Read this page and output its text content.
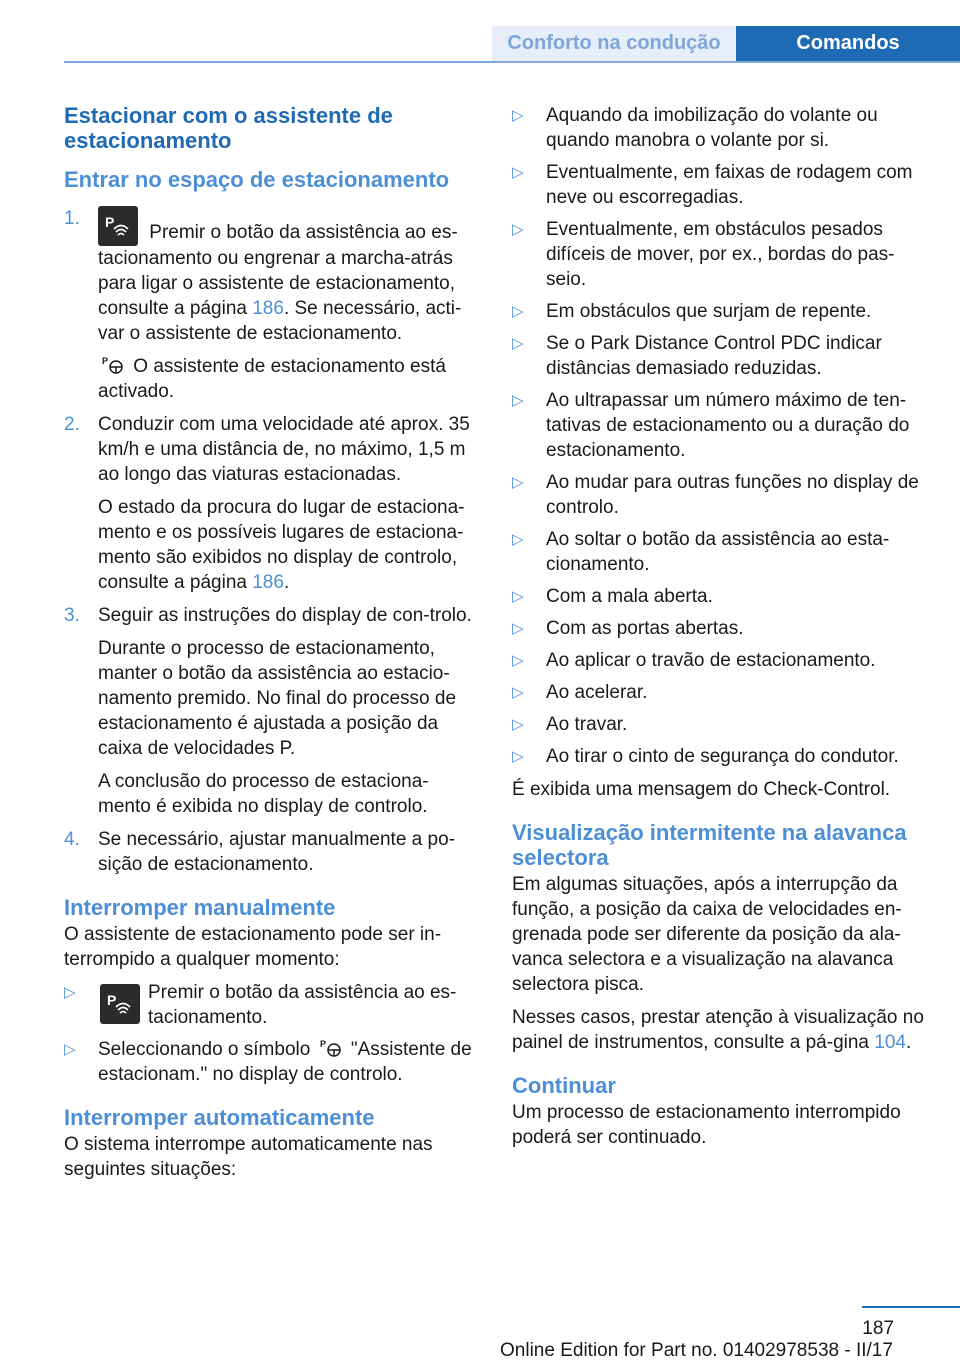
Conforto na condução	Comandos
Estacionar com o assistente de estacionamento
Entrar no espaço de estacionamento
1. P Premir o botão da assistência ao es‐tacionamento ou engrenar a marcha-atrás para ligar o assistente de estacionamento, consulte a página 186. Se necessário, acti‐var o assistente de estacionamento.
P O assistente de estacionamento está activado.
2. Conduzir com uma velocidade até aprox. 35 km/h e uma distância de, no máximo, 1,5 m ao longo das viaturas estacionadas.
O estado da procura do lugar de estaciona‐mento e os possíveis lugares de estaciona‐mento são exibidos no display de controlo, consulte a página 186.
3. Seguir as instruções do display de con‐trolo.
Durante o processo de estacionamento, manter o botão da assistência ao estacio‐namento premido. No final do processo de estacionamento é ajustada a posição da caixa de velocidades P.
A conclusão do processo de estaciona‐mento é exibida no display de controlo.
4. Se necessário, ajustar manualmente a po‐sição de estacionamento.
Interromper manualmente
O assistente de estacionamento pode ser in‐terrompido a qualquer momento:
▷ P Premir o botão da assistência ao es‐tacionamento.
▷ Seleccionando o símbolo P "Assistente de estacionam." no display de controlo.
Interromper automaticamente
O sistema interrompe automaticamente nas seguintes situações:
▷ Aquando da imobilização do volante ou quando manobra o volante por si.
▷ Eventualmente, em faixas de rodagem com neve ou escorregadias.
▷ Eventualmente, em obstáculos pesados difíceis de mover, por ex., bordas do pas‐seio.
▷ Em obstáculos que surjam de repente.
▷ Se o Park Distance Control PDC indicar distâncias demasiado reduzidas.
▷ Ao ultrapassar um número máximo de ten‐tativas de estacionamento ou a duração do estacionamento.
▷ Ao mudar para outras funções no display de controlo.
▷ Ao soltar o botão da assistência ao esta‐cionamento.
▷ Com a mala aberta.
▷ Com as portas abertas.
▷ Ao aplicar o travão de estacionamento.
▷ Ao acelerar.
▷ Ao travar.
▷ Ao tirar o cinto de segurança do condutor.
É exibida uma mensagem do Check-Control.
Visualização intermitente na alavanca selectora
Em algumas situações, após a interrupção da função, a posição da caixa de velocidades en‐grenada pode ser diferente da posição da ala‐vanca selectora e a visualização na alavanca selectora pisca.
Nesses casos, prestar atenção à visualização no painel de instrumentos, consulte a pá‐gina 104.
Continuar
Um processo de estacionamento interrompido poderá ser continuado.
187
Online Edition for Part no. 01402978538 - II/17
